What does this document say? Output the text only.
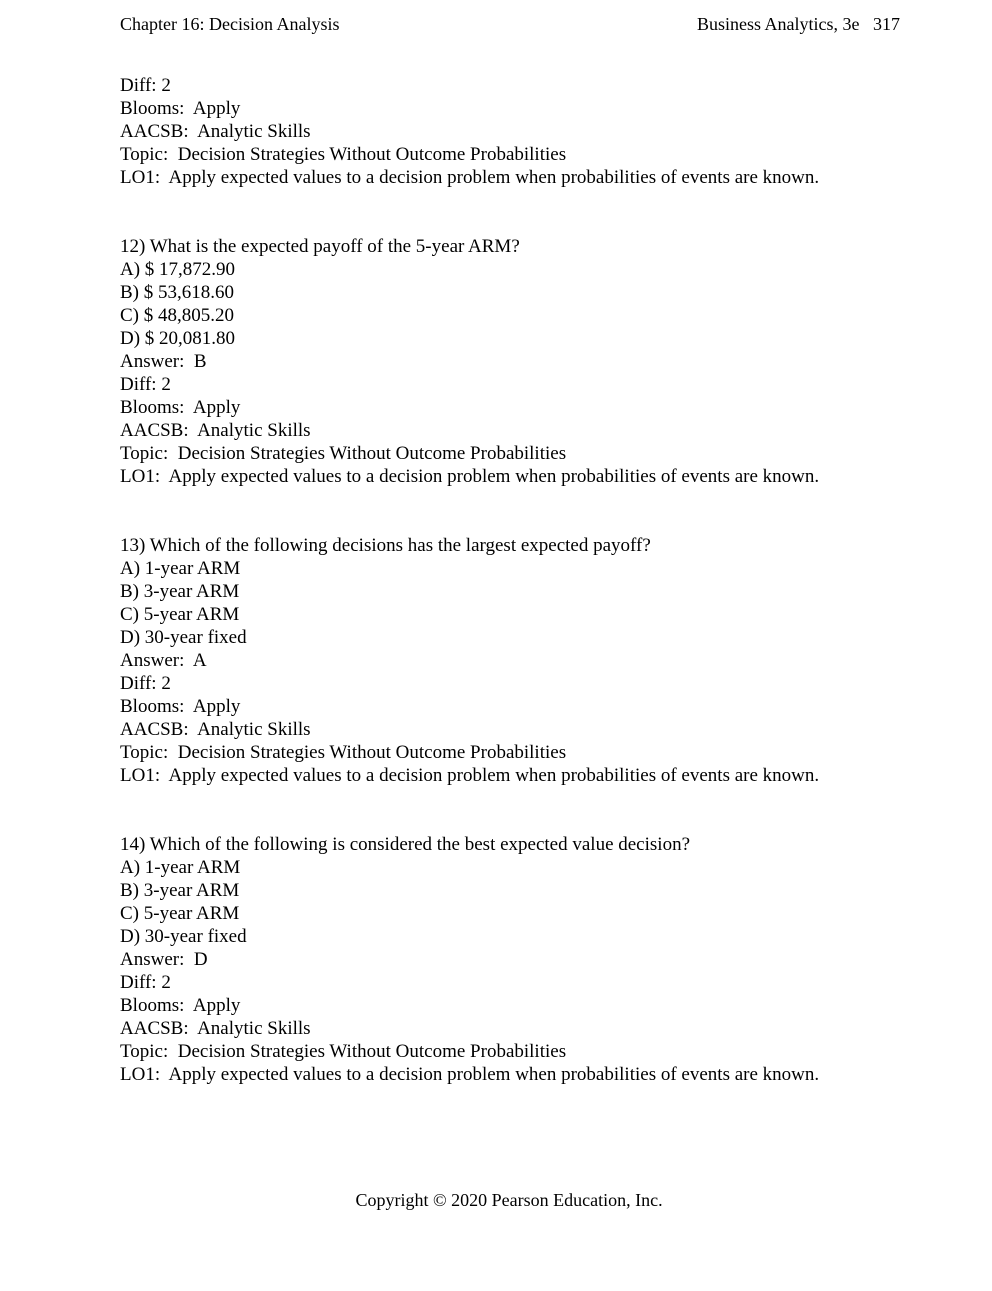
Chapter 16: Decision Analysis	Business Analytics, 3e 317
Diff: 2
Blooms:  Apply
AACSB:  Analytic Skills
Topic:  Decision Strategies Without Outcome Probabilities
LO1:  Apply expected values to a decision problem when probabilities of events are known.
12) What is the expected payoff of the 5-year ARM?
A) $ 17,872.90
B) $ 53,618.60
C) $ 48,805.20
D) $ 20,081.80
Answer:  B
Diff: 2
Blooms:  Apply
AACSB:  Analytic Skills
Topic:  Decision Strategies Without Outcome Probabilities
LO1:  Apply expected values to a decision problem when probabilities of events are known.
13) Which of the following decisions has the largest expected payoff?
A) 1-year ARM
B) 3-year ARM
C) 5-year ARM
D) 30-year fixed
Answer:  A
Diff: 2
Blooms:  Apply
AACSB:  Analytic Skills
Topic:  Decision Strategies Without Outcome Probabilities
LO1:  Apply expected values to a decision problem when probabilities of events are known.
14) Which of the following is considered the best expected value decision?
A) 1-year ARM
B) 3-year ARM
C) 5-year ARM
D) 30-year fixed
Answer:  D
Diff: 2
Blooms:  Apply
AACSB:  Analytic Skills
Topic:  Decision Strategies Without Outcome Probabilities
LO1:  Apply expected values to a decision problem when probabilities of events are known.
Copyright © 2020 Pearson Education, Inc.
